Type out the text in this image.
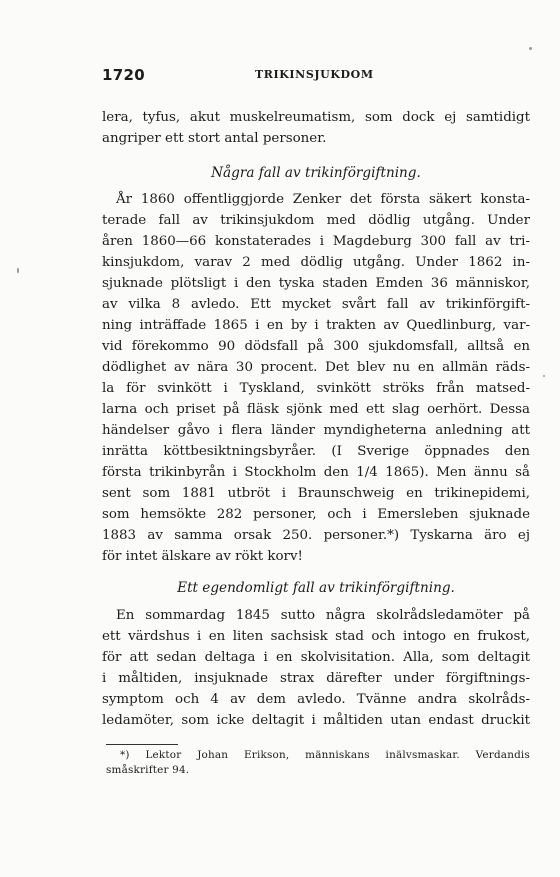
1720	TRIKINSJUKDOM
lera, tyfus, akut muskelreumatism, som dock ej samtidigt
angriper ett stort antal personer.
Några fall av trikinförgiftning.
År 1860 offentliggjorde Zenker det första säkert konsta-
terade fall av trikinsjukdom med dödlig utgång. Under
åren 1860—66 konstaterades i Magdeburg 300 fall av tri-
kinsjukdom, varav 2 med dödlig utgång. Under 1862 in-
sjuknade plötsligt i den tyska staden Emden 36 människor,
av vilka 8 avledo. Ett mycket svårt fall av trikinförgift-
ning inträffade 1865 i en by i trakten av Quedlinburg, var-
vid förekommo 90 dödsfall på 300 sjukdomsfall, alltså en
dödlighet av nära 30 procent. Det blev nu en allmän räds-
la för svinkött i Tyskland, svinkött ströks från matsed-
larna och priset på fläsk sjönk med ett slag oerhört. Dessa
händelser gåvo i flera länder myndigheterna anledning att
inrätta köttbesiktningsbyråer. (I Sverige öppnades den
första trikinbyrån i Stockholm den 1/4 1865). Men ännu så
sent som 1881 utbröt i Braunschweig en trikinepidemi,
som hemsökte 282 personer, och i Emersleben sjuknade
1883 av samma orsak 250. personer.*) Tyskarna äro ej
för intet älskare av rökt korv!
Ett egendomligt fall av trikinförgiftning.
En sommardag 1845 sutto några skolrådsledamöter på
ett värdshus i en liten sachsisk stad och intogo en frukost,
för att sedan deltaga i en skolvisitation. Alla, som deltagit
i måltiden, insjuknade strax därefter under förgiftnings-
symptom och 4 av dem avledo. Tvänne andra skolråds-
ledamöter, som icke deltagit i måltiden utan endast druckit
*) Lektor Johan Erikson, människans inälvsmaskar. Verdandis
småskrifter 94.
